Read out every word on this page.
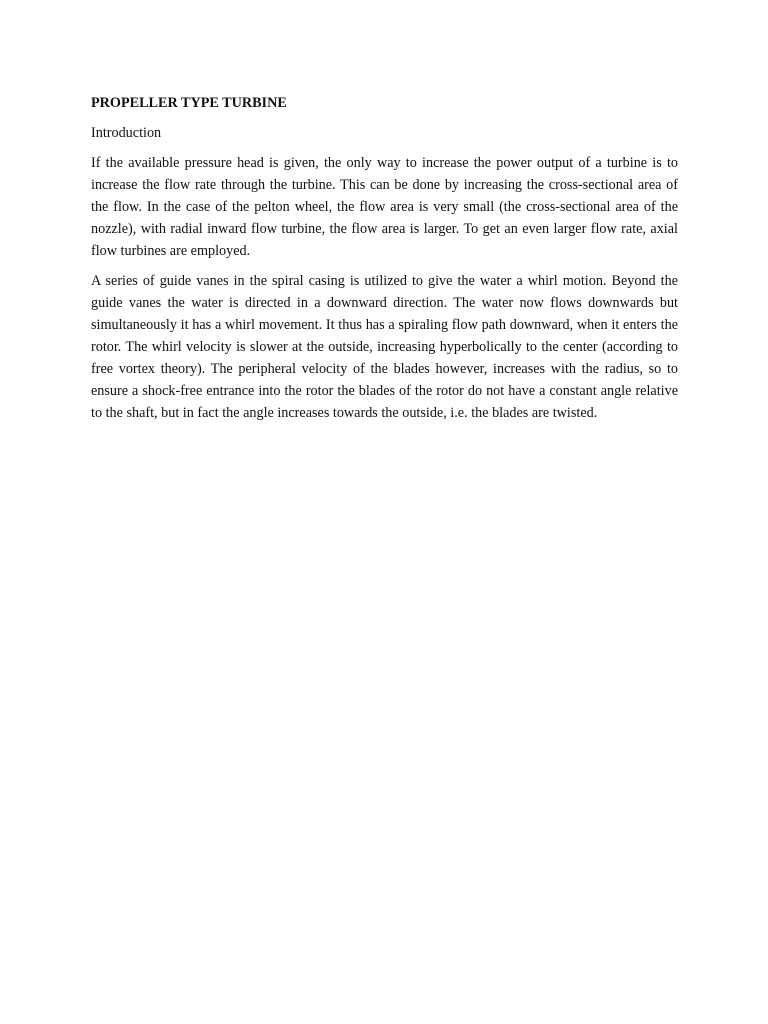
PROPELLER TYPE TURBINE
Introduction

If the available pressure head is given, the only way to increase the power output of a turbine is to increase the flow rate through the turbine. This can be done by increasing the cross-sectional area of the flow. In the case of the pelton wheel, the flow area is very small (the cross-sectional area of the nozzle), with radial inward flow turbine, the flow area is larger. To get an even larger flow rate, axial flow turbines are employed.

A series of guide vanes in the spiral casing is utilized to give the water a whirl motion. Beyond the guide vanes the water is directed in a downward direction. The water now flows downwards but simultaneously it has a whirl movement. It thus has a spiraling flow path downward, when it enters the rotor. The whirl velocity is slower at the outside, increasing hyperbolically to the center (according to free vortex theory). The peripheral velocity of the blades however, increases with the radius, so to ensure a shock-free entrance into the rotor the blades of the rotor do not have a constant angle relative to the shaft, but in fact the angle increases towards the outside, i.e. the blades are twisted.
